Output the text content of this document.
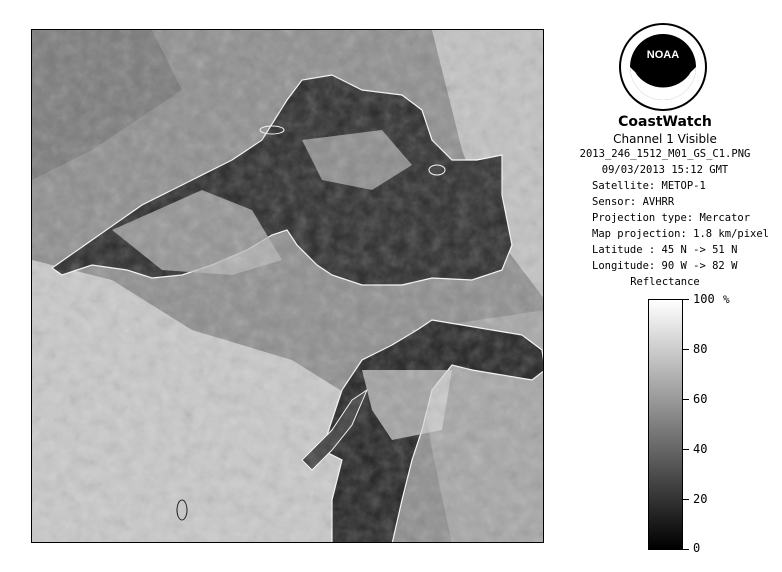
NOAA
CoastWatch
Channel 1 Visible
2013_246_1512_M01_GS_C1.PNG
09/03/2013 15:12 GMT
Satellite: METOP-1
Sensor: AVHRR
Projection type: Mercator
Map projection: 1.8 km/pixel
Latitude : 45 N -> 51 N
Longitude: 90 W -> 82 W
Reflectance
%
100
80
60
40
20
0
